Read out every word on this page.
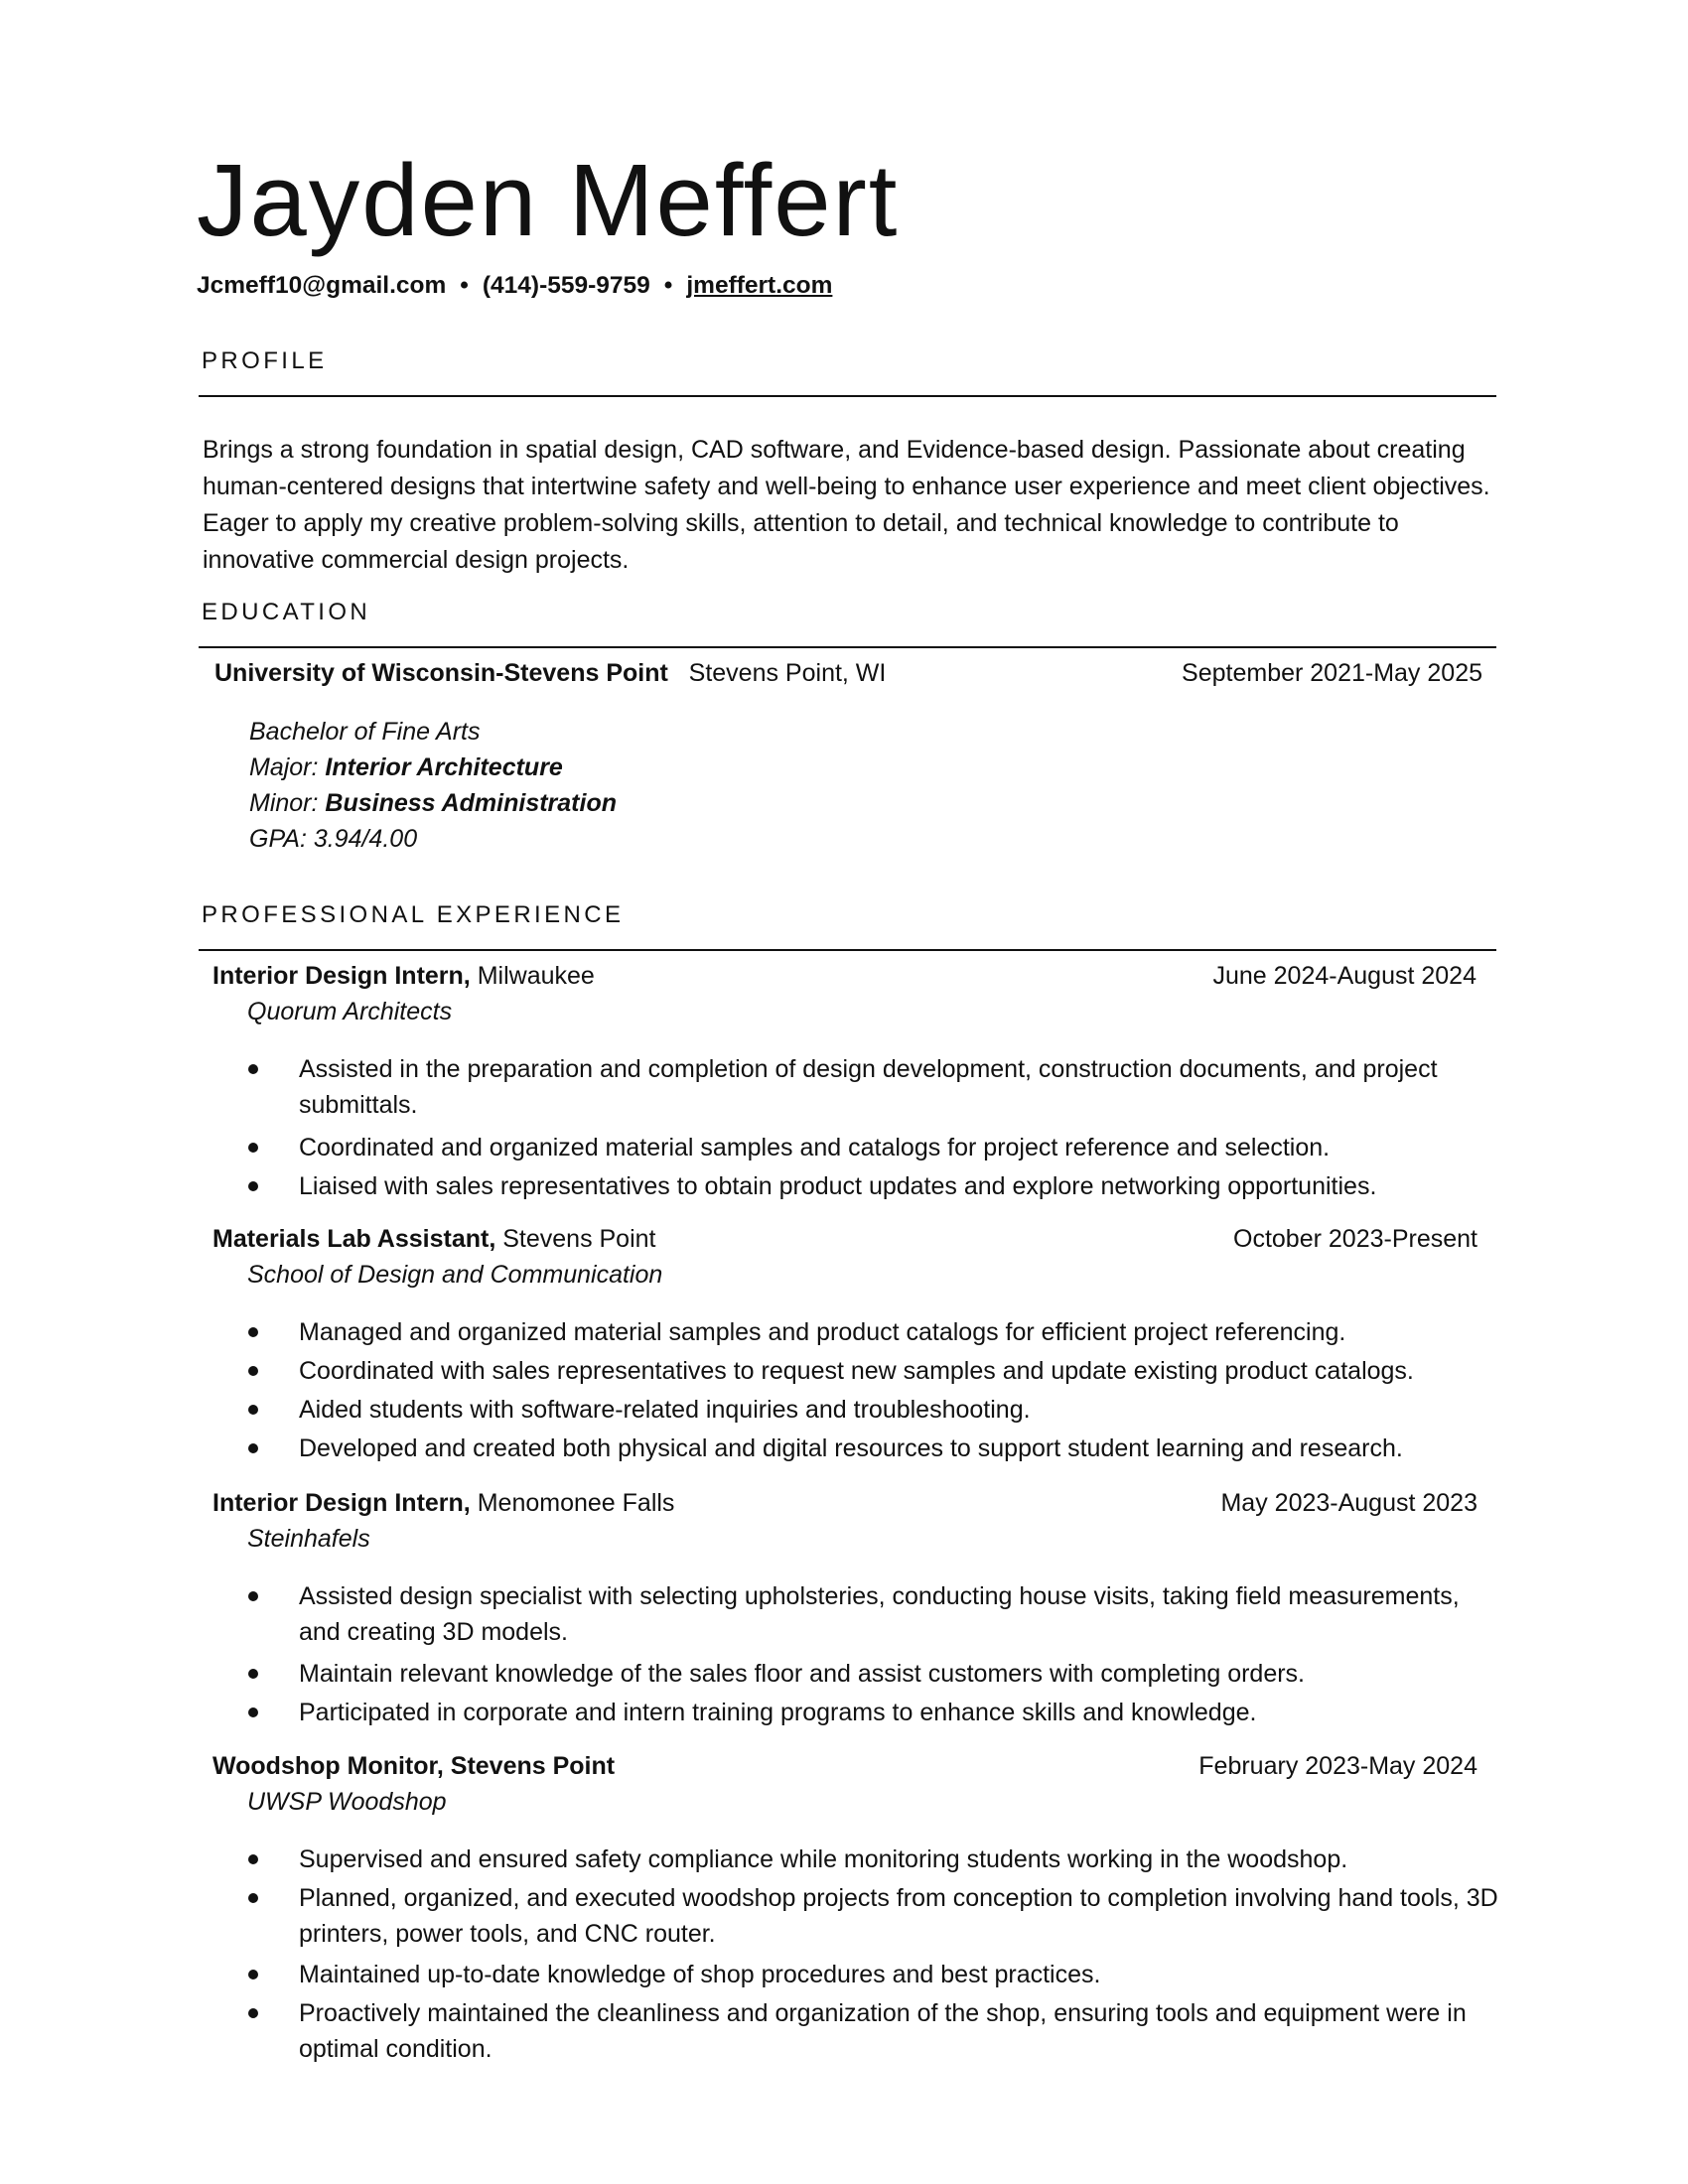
Jayden Meffert
Jcmeff10@gmail.com • (414)-559-9759 • jmeffert.com
PROFILE

Brings a strong foundation in spatial design, CAD software, and Evidence-based design. Passionate about creating human-centered designs that intertwine safety and well-being to enhance user experience and meet client objectives. Eager to apply my creative problem-solving skills, attention to detail, and technical knowledge to contribute to innovative commercial design projects.

EDUCATION
University of Wisconsin-Stevens Point Stevens Point, WI	September 2021-May 2025
Bachelor of Fine Arts
Major: Interior Architecture
Minor: Business Administration
GPA: 3.94/4.00
PROFESSIONAL EXPERIENCE
Interior Design Intern, Milwaukee	June 2024-August 2024
Quorum Architects
Assisted in the preparation and completion of design development, construction documents, and project submittals.
Coordinated and organized material samples and catalogs for project reference and selection.
Liaised with sales representatives to obtain product updates and explore networking opportunities.
Materials Lab Assistant, Stevens Point	October 2023-Present
School of Design and Communication
Managed and organized material samples and product catalogs for efficient project referencing.
Coordinated with sales representatives to request new samples and update existing product catalogs.
Aided students with software-related inquiries and troubleshooting.
Developed and created both physical and digital resources to support student learning and research.
Interior Design Intern, Menomonee Falls	May 2023-August 2023
Steinhafels
Assisted design specialist with selecting upholsteries, conducting house visits, taking field measurements, and creating 3D models.
Maintain relevant knowledge of the sales floor and assist customers with completing orders.
Participated in corporate and intern training programs to enhance skills and knowledge.
Woodshop Monitor, Stevens Point	February 2023-May 2024
UWSP Woodshop
Supervised and ensured safety compliance while monitoring students working in the woodshop.
Planned, organized, and executed woodshop projects from conception to completion involving hand tools, 3D printers, power tools, and CNC router.
Maintained up-to-date knowledge of shop procedures and best practices.
Proactively maintained the cleanliness and organization of the shop, ensuring tools and equipment were in optimal condition.
